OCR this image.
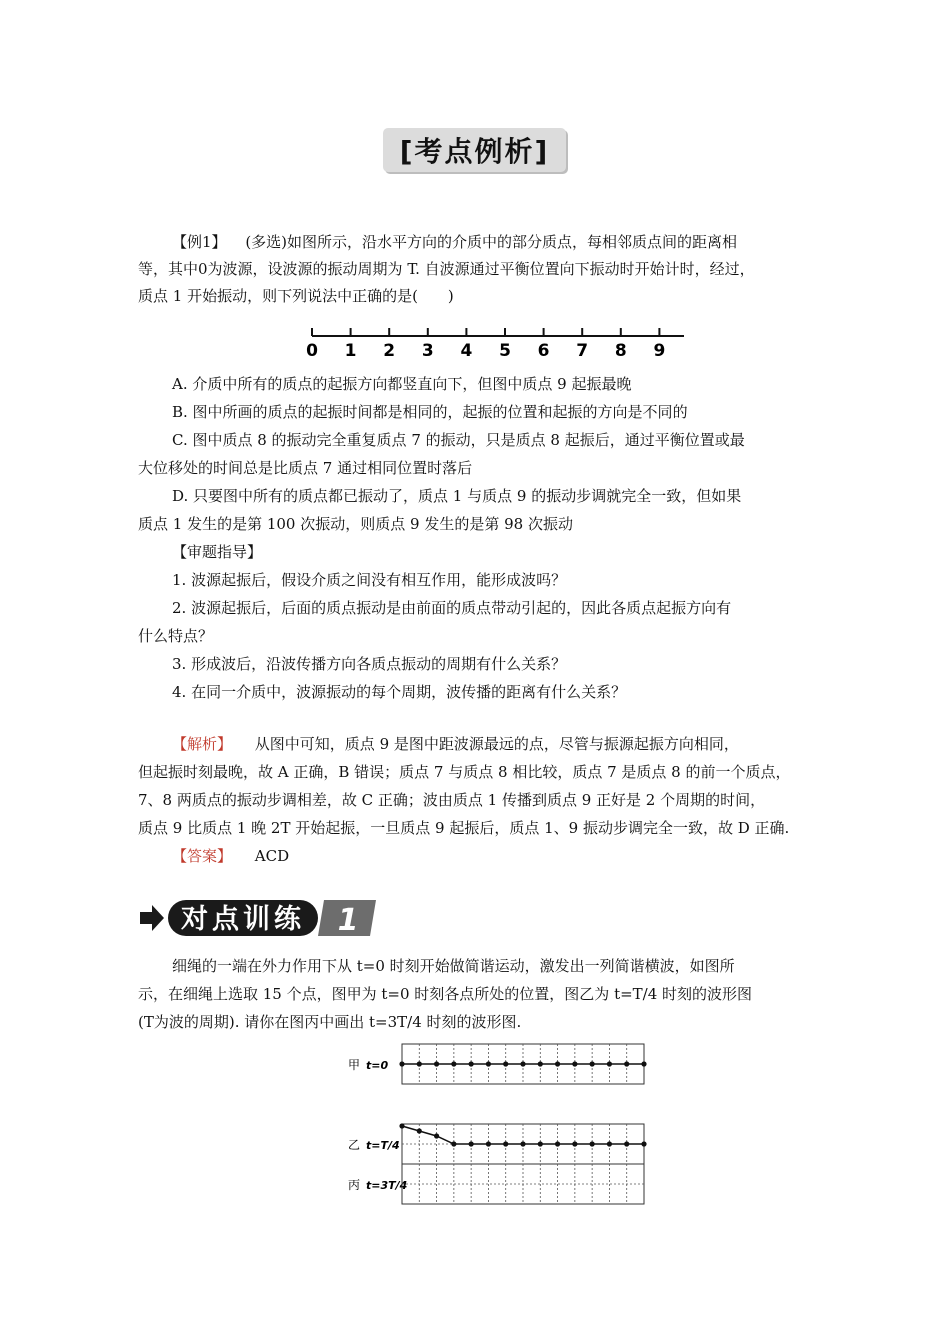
[考点例析]
【例1】 (多选)如图所示，沿水平方向的介质中的部分质点，每相邻质点间的距离相
等，其中0为波源，设波源的振动周期为 T. 自波源通过平衡位置向下振动时开始计时，经过，
质点 1 开始振动，则下列说法中正确的是(　　)
0 1 2 3 4 5 6 7 8 9
A. 介质中所有的质点的起振方向都竖直向下，但图中质点 9 起振最晚
B. 图中所画的质点的起振时间都是相同的，起振的位置和起振的方向是不同的
C. 图中质点 8 的振动完全重复质点 7 的振动，只是质点 8 起振后，通过平衡位置或最
大位移处的时间总是比质点 7 通过相同位置时落后
D. 只要图中所有的质点都已振动了，质点 1 与质点 9 的振动步调就完全一致，但如果
质点 1 发生的是第 100 次振动，则质点 9 发生的是第 98 次振动
【审题指导】
1. 波源起振后，假设介质之间没有相互作用，能形成波吗？
2. 波源起振后，后面的质点振动是由前面的质点带动引起的，因此各质点起振方向有
什么特点？
3. 形成波后，沿波传播方向各质点振动的周期有什么关系？
4. 在同一介质中，波源振动的每个周期，波传播的距离有什么关系？
【解析】 从图中可知，质点 9 是图中距波源最远的点，尽管与振源起振方向相同，
但起振时刻最晚，故 A 正确，B 错误；质点 7 与质点 8 相比较，质点 7 是质点 8 的前一个质点，
7、8 两质点的振动步调相差，故 C 正确；波由质点 1 传播到质点 9 正好是 2 个周期的时间，
质点 9 比质点 1 晚 2T 开始起振，一旦质点 9 起振后，质点 1、9 振动步调完全一致，故 D 正确.
【答案】 ACD
对点训练 1
细绳的一端在外力作用下从 t=0 时刻开始做简谐运动，激发出一列简谐横波，如图所
示，在细绳上选取 15 个点，图甲为 t=0 时刻各点所处的位置，图乙为 t=T/4 时刻的波形图
(T为波的周期). 请你在图丙中画出 t=3T/4 时刻的波形图.
甲 t=0
乙 t=T/4
丙 t=3T/4
